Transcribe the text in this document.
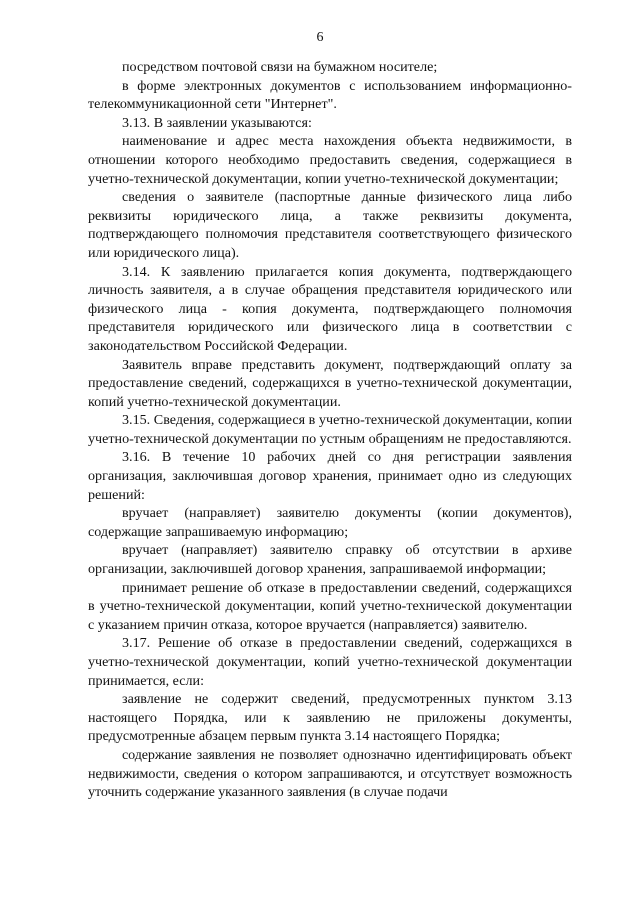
6

посредством почтовой связи на бумажном носителе;

в форме электронных документов с использованием информационно-телекоммуникационной сети "Интернет".

3.13. В заявлении указываются:

наименование и адрес места нахождения объекта недвижимости, в отношении которого необходимо предоставить сведения, содержащиеся в учетно-технической документации, копии учетно-технической документации;

сведения о заявителе (паспортные данные физического лица либо реквизиты юридического лица, а также реквизиты документа, подтверждающего полномочия представителя соответствующего физического или юридического лица).

3.14. К заявлению прилагается копия документа, подтверждающего личность заявителя, а в случае обращения представителя юридического или физического лица - копия документа, подтверждающего полномочия представителя юридического или физического лица в соответствии с законодательством Российской Федерации.

Заявитель вправе представить документ, подтверждающий оплату за предоставление сведений, содержащихся в учетно-технической документации, копий учетно-технической документации.

3.15. Сведения, содержащиеся в учетно-технической документации, копии учетно-технической документации по устным обращениям не предоставляются.

3.16. В течение 10 рабочих дней со дня регистрации заявления организация, заключившая договор хранения, принимает одно из следующих решений:

вручает (направляет) заявителю документы (копии документов), содержащие запрашиваемую информацию;

вручает (направляет) заявителю справку об отсутствии в архиве организации, заключившей договор хранения, запрашиваемой информации;

принимает решение об отказе в предоставлении сведений, содержащихся в учетно-технической документации, копий учетно-технической документации с указанием причин отказа, которое вручается (направляется) заявителю.

3.17. Решение об отказе в предоставлении сведений, содержащихся в учетно-технической документации, копий учетно-технической документации принимается, если:

заявление не содержит сведений, предусмотренных пунктом 3.13 настоящего Порядка, или к заявлению не приложены документы, предусмотренные абзацем первым пункта 3.14 настоящего Порядка;

содержание заявления не позволяет однозначно идентифицировать объект недвижимости, сведения о котором запрашиваются, и отсутствует возможность уточнить содержание указанного заявления (в случае подачи
